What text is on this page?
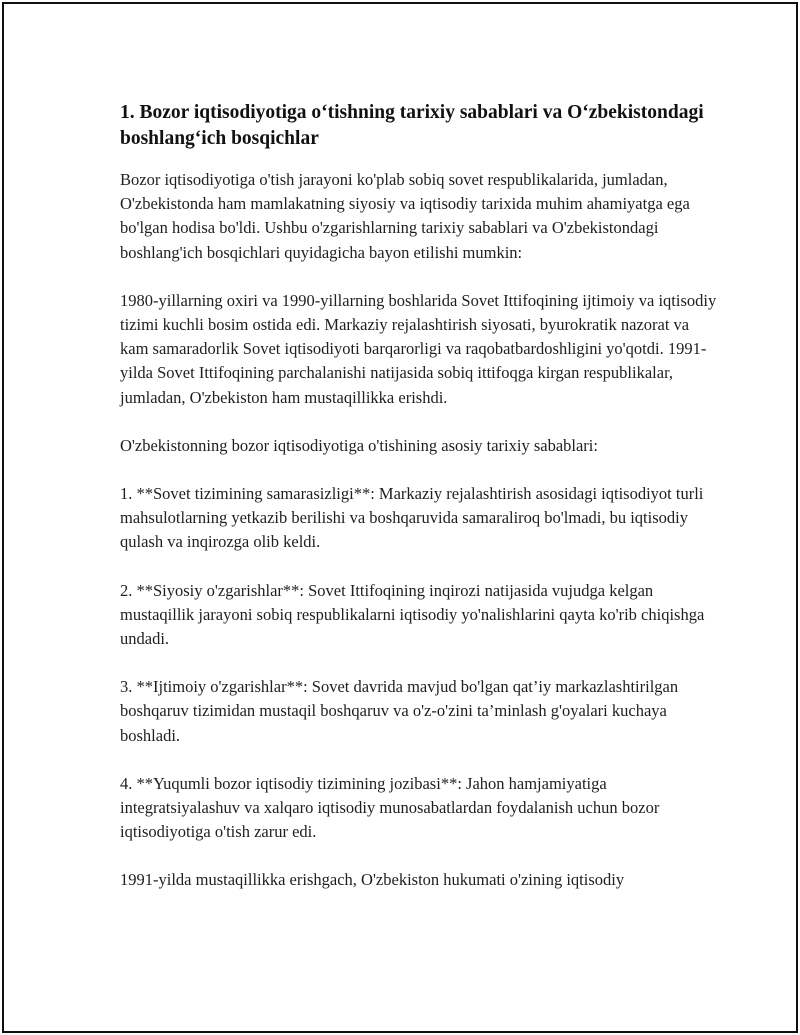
1. Bozor iqtisodiyotiga o‘tishning tarixiy sabablari va O‘zbekistondagi boshlang‘ich bosqichlar

Bozor iqtisodiyotiga o'tish jarayoni ko'plab sobiq sovet respublikalarida, jumladan, O'zbekistonda ham mamlakatning siyosiy va iqtisodiy tarixida muhim ahamiyatga ega bo'lgan hodisa bo'ldi. Ushbu o'zgarishlarning tarixiy sabablari va O'zbekistondagi boshlang'ich bosqichlari quyidagicha bayon etilishi mumkin:

1980-yillarning oxiri va 1990-yillarning boshlarida Sovet Ittifoqining ijtimoiy va iqtisodiy tizimi kuchli bosim ostida edi. Markaziy rejalashtirish siyosati, byurokratik nazorat va kam samaradorlik Sovet iqtisodiyoti barqarorligi va raqobatbardoshligini yo'qotdi. 1991-yilda Sovet Ittifoqining parchalanishi natijasida sobiq ittifoqga kirgan respublikalar, jumladan, O'zbekiston ham mustaqillikka erishdi.

O'zbekistonning bozor iqtisodiyotiga o'tishining asosiy tarixiy sabablari:

1. **Sovet tizimining samarasizligi**: Markaziy rejalashtirish asosidagi iqtisodiyot turli mahsulotlarning yetkazib berilishi va boshqaruvida samaraliroq bo'lmadi, bu iqtisodiy qulash va inqirozga olib keldi.

2. **Siyosiy o'zgarishlar**: Sovet Ittifoqining inqirozi natijasida vujudga kelgan mustaqillik jarayoni sobiq respublikalarni iqtisodiy yo'nalishlarini qayta ko'rib chiqishga undadi.

3. **Ijtimoiy o'zgarishlar**: Sovet davrida mavjud bo'lgan qat’iy markazlashtirilgan boshqaruv tizimidan mustaqil boshqaruv va o'z-o'zini ta’minlash g'oyalari kuchaya boshladi.

4. **Yuqumli bozor iqtisodiy tizimining jozibasi**: Jahon hamjamiyatiga integratsiyalashuv va xalqaro iqtisodiy munosabatlardan foydalanish uchun bozor iqtisodiyotiga o'tish zarur edi.

1991-yilda mustaqillikka erishgach, O'zbekiston hukumati o'zining iqtisodiy
